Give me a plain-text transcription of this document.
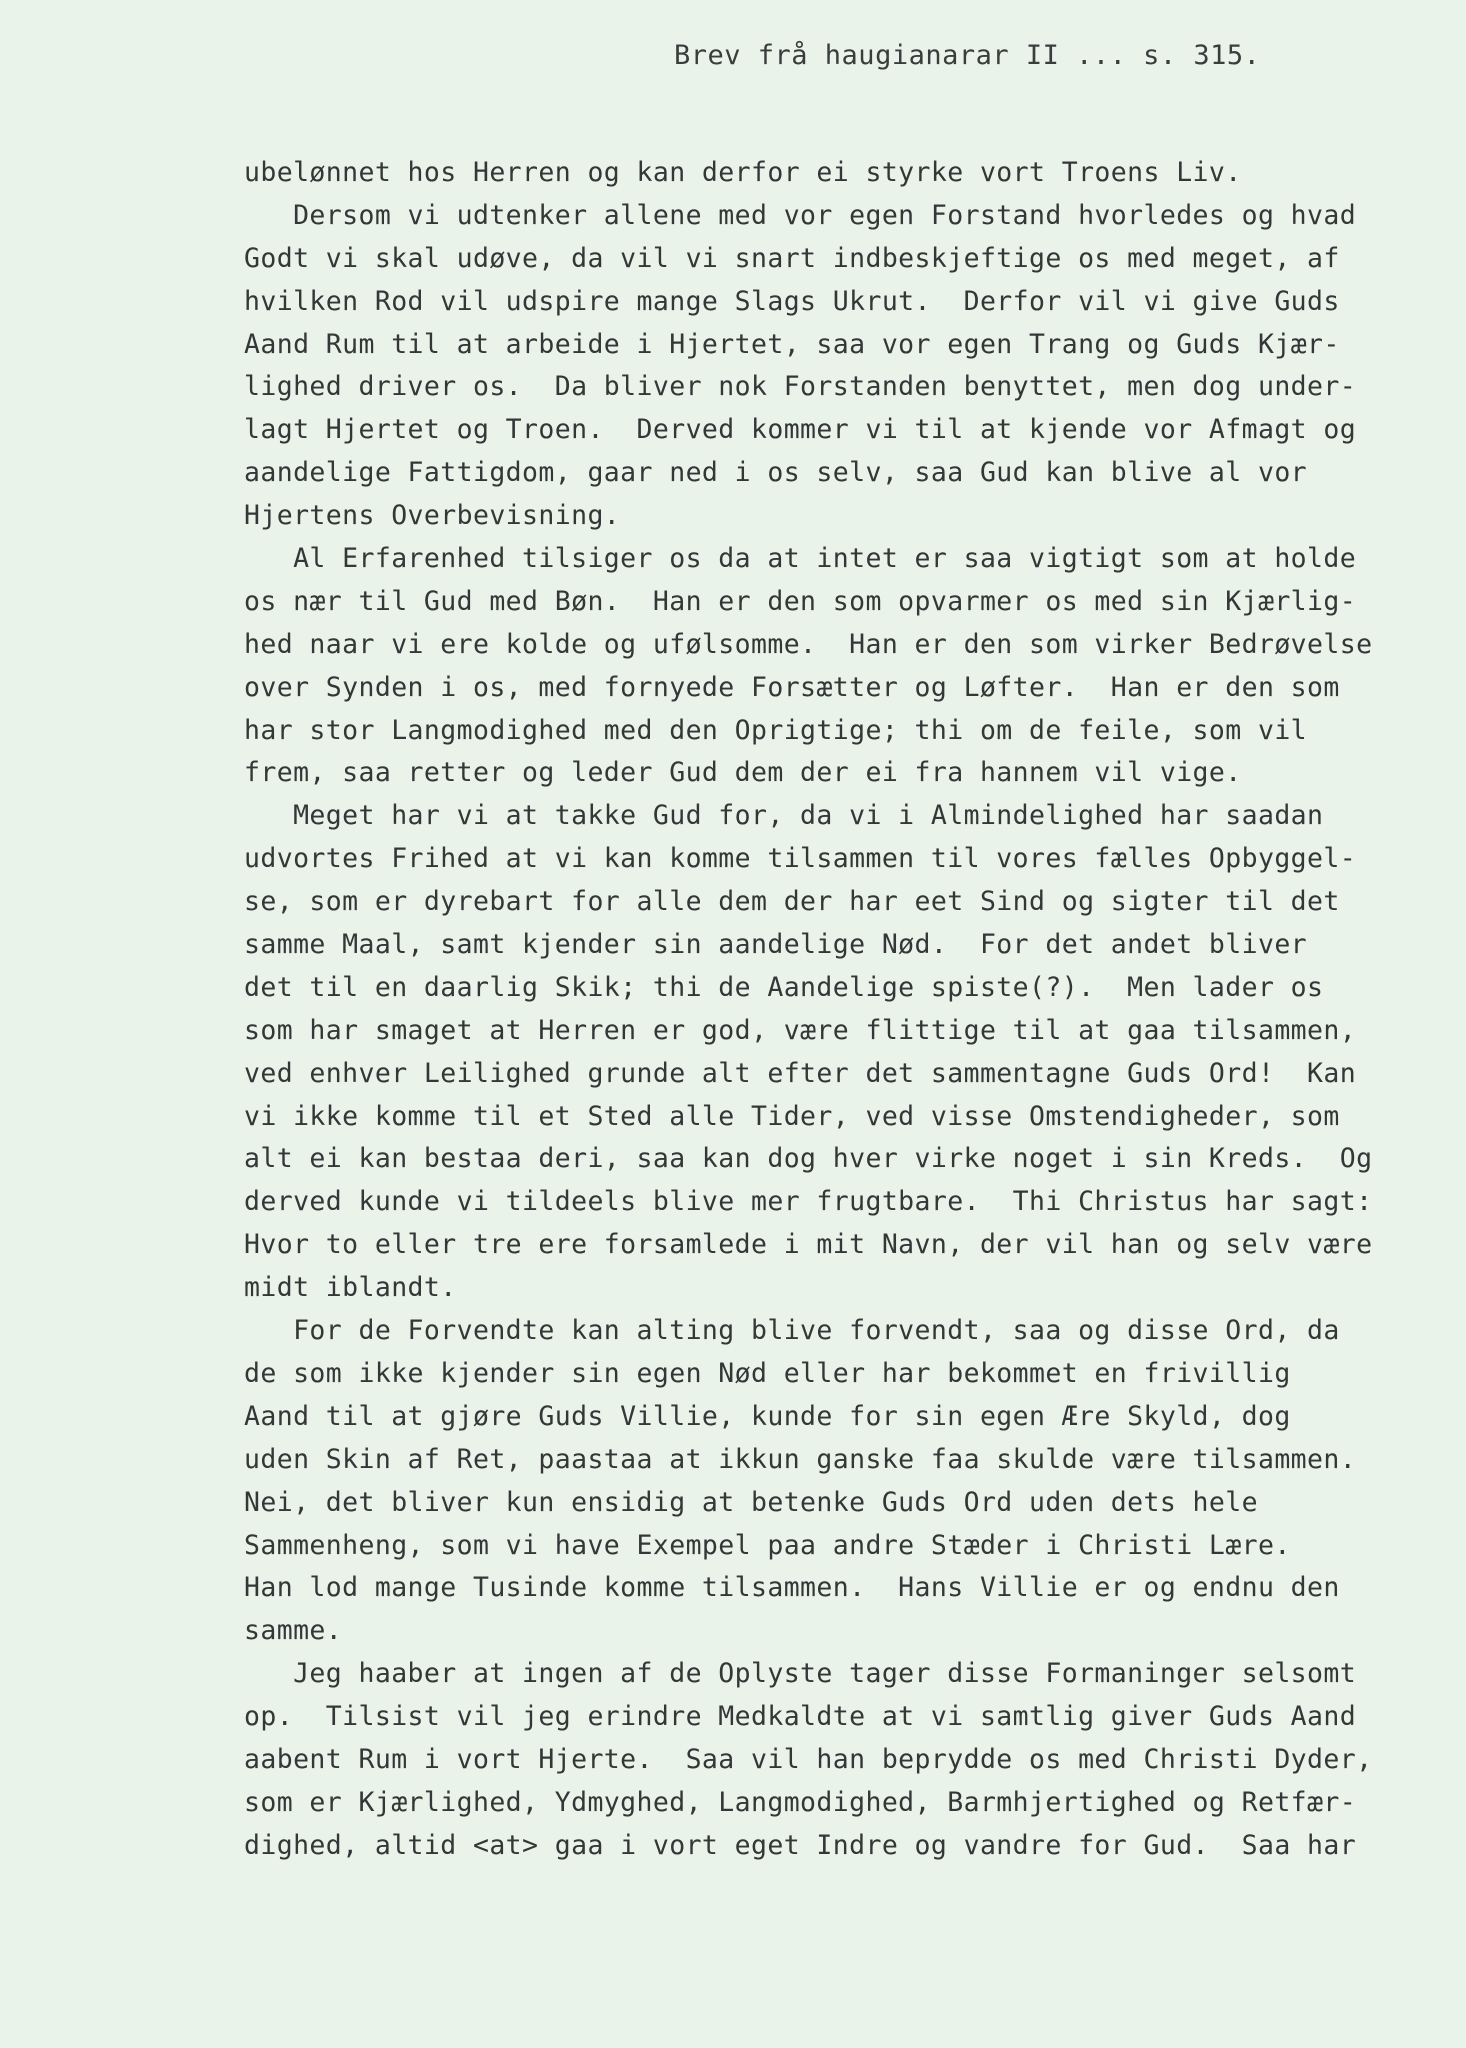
Brev frå haugianarar II ... s. 315.
ubelønnet hos Herren og kan derfor ei styrke vort Troens Liv.
Dersom vi udtenker allene med vor egen Forstand hvorledes og hvad
Godt vi skal udøve, da vil vi snart indbeskjeftige os med meget, af
hvilken Rod vil udspire mange Slags Ukrut.  Derfor vil vi give Guds
Aand Rum til at arbeide i Hjertet, saa vor egen Trang og Guds Kjær-
lighed driver os.  Da bliver nok Forstanden benyttet, men dog under-
lagt Hjertet og Troen.  Derved kommer vi til at kjende vor Afmagt og
aandelige Fattigdom, gaar ned i os selv, saa Gud kan blive al vor
Hjertens Overbevisning.
Al Erfarenhed tilsiger os da at intet er saa vigtigt som at holde
os nær til Gud med Bøn.  Han er den som opvarmer os med sin Kjærlig-
hed naar vi ere kolde og ufølsomme.  Han er den som virker Bedrøvelse
over Synden i os, med fornyede Forsætter og Løfter.  Han er den som
har stor Langmodighed med den Oprigtige; thi om de feile, som vil
frem, saa retter og leder Gud dem der ei fra hannem vil vige.
Meget har vi at takke Gud for, da vi i Almindelighed har saadan
udvortes Frihed at vi kan komme tilsammen til vores fælles Opbyggel-
se, som er dyrebart for alle dem der har eet Sind og sigter til det
samme Maal, samt kjender sin aandelige Nød.  For det andet bliver
det til en daarlig Skik; thi de Aandelige spiste(?).  Men lader os
som har smaget at Herren er god, være flittige til at gaa tilsammen,
ved enhver Leilighed grunde alt efter det sammentagne Guds Ord!  Kan
vi ikke komme til et Sted alle Tider, ved visse Omstendigheder, som
alt ei kan bestaa deri, saa kan dog hver virke noget i sin Kreds.  Og
derved kunde vi tildeels blive mer frugtbare.  Thi Christus har sagt:
Hvor to eller tre ere forsamlede i mit Navn, der vil han og selv være
midt iblandt.
For de Forvendte kan alting blive forvendt, saa og disse Ord, da
de som ikke kjender sin egen Nød eller har bekommet en frivillig
Aand til at gjøre Guds Villie, kunde for sin egen Ære Skyld, dog
uden Skin af Ret, paastaa at ikkun ganske faa skulde være tilsammen.
Nei, det bliver kun ensidig at betenke Guds Ord uden dets hele
Sammenheng, som vi have Exempel paa andre Stæder i Christi Lære.
Han lod mange Tusinde komme tilsammen.  Hans Villie er og endnu den
samme.
Jeg haaber at ingen af de Oplyste tager disse Formaninger selsomt
op.  Tilsist vil jeg erindre Medkaldte at vi samtlig giver Guds Aand
aabent Rum i vort Hjerte.  Saa vil han beprydde os med Christi Dyder,
som er Kjærlighed, Ydmyghed, Langmodighed, Barmhjertighed og Retfær-
dighed, altid <at> gaa i vort eget Indre og vandre for Gud.  Saa har
